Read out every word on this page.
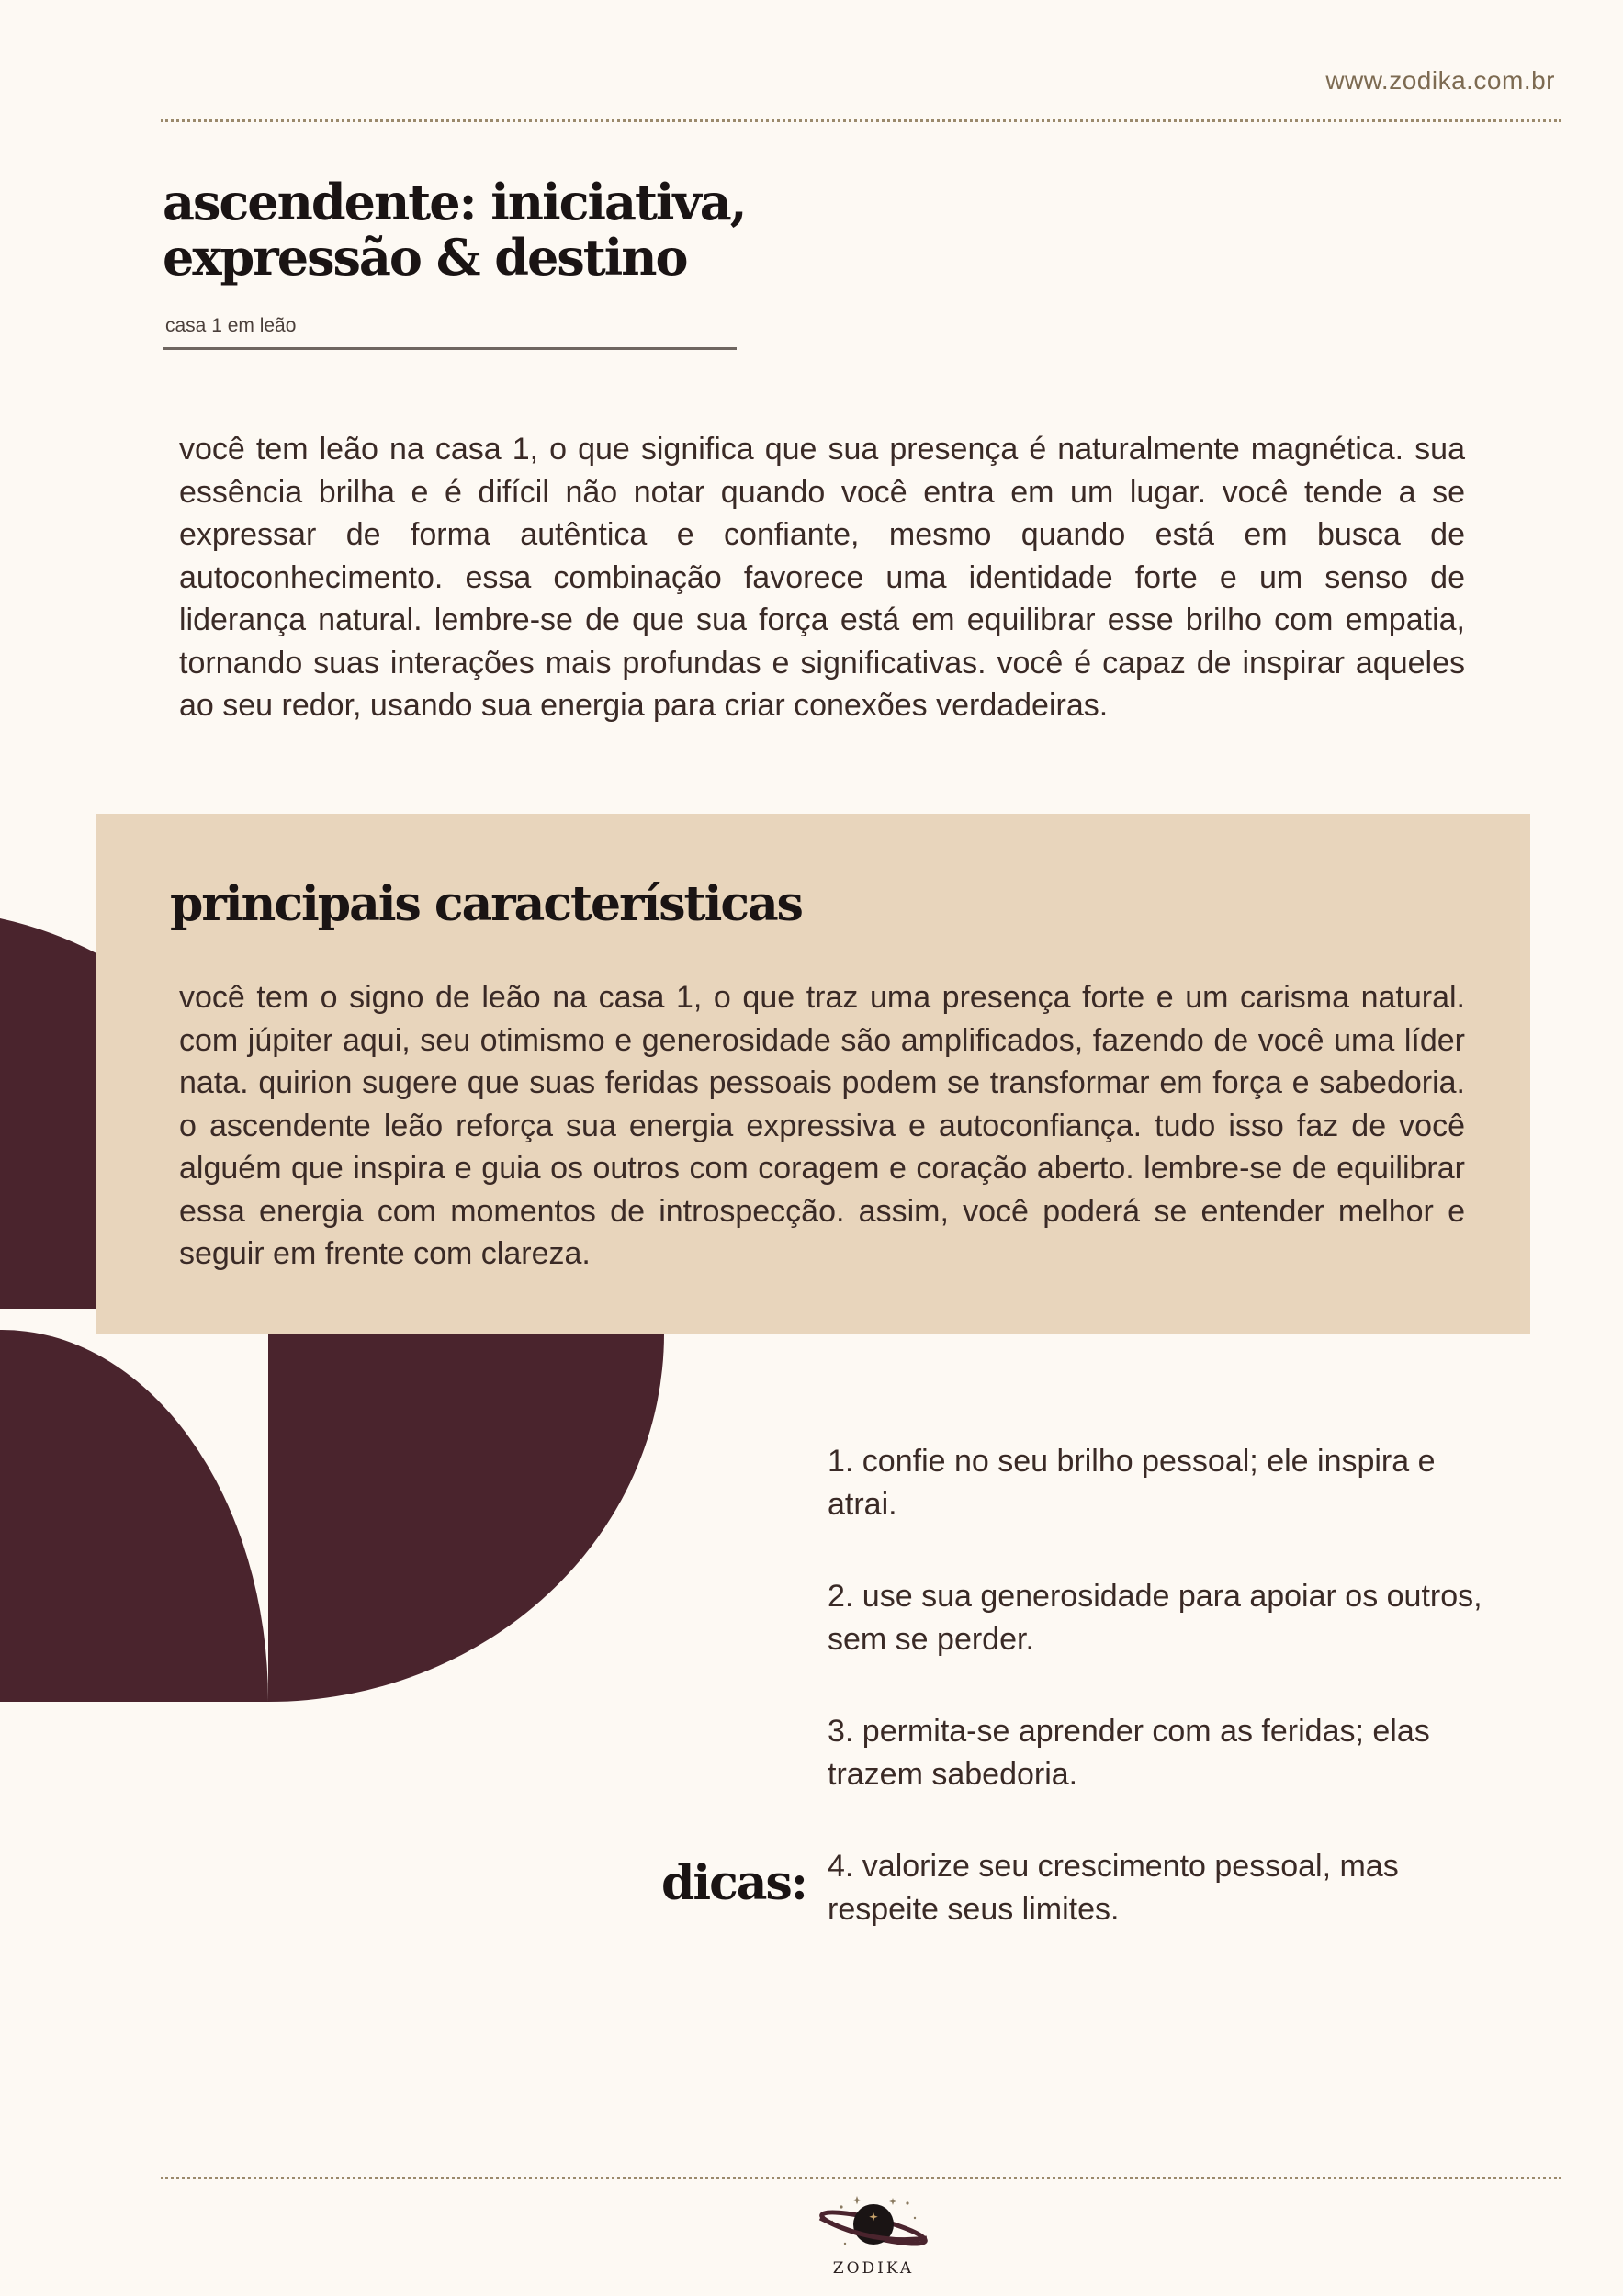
www.zodika.com.br
ascendente: iniciativa,
expressão & destino
casa 1 em leão

você tem leão na casa 1, o que significa que sua presença é naturalmente magnética. sua essência brilha e é difícil não notar quando você entra em um lugar. você tende a se expressar de forma autêntica e confiante, mesmo quando está em busca de autoconhecimento. essa combinação favorece uma identidade forte e um senso de liderança natural. lembre-se de que sua força está em equilibrar esse brilho com empatia, tornando suas interações mais profundas e significativas. você é capaz de inspirar aqueles ao seu redor, usando sua energia para criar conexões verdadeiras.

principais características

você tem o signo de leão na casa 1, o que traz uma presença forte e um carisma natural. com júpiter aqui, seu otimismo e generosidade são amplificados, fazendo de você uma líder nata. quirion sugere que suas feridas pessoais podem se transformar em força e sabedoria. o ascendente leão reforça sua energia expressiva e autoconfiança. tudo isso faz de você alguém que inspira e guia os outros com coragem e coração aberto. lembre-se de equilibrar essa energia com momentos de introspecção. assim, você poderá se entender melhor e seguir em frente com clareza.

1. confie no seu brilho pessoal; ele inspira e atrai.
2. use sua generosidade para apoiar os outros, sem se perder.
3. permita-se aprender com as feridas; elas trazem sabedoria.
4. valorize seu crescimento pessoal, mas respeite seus limites.
dicas:
ZODIKA
